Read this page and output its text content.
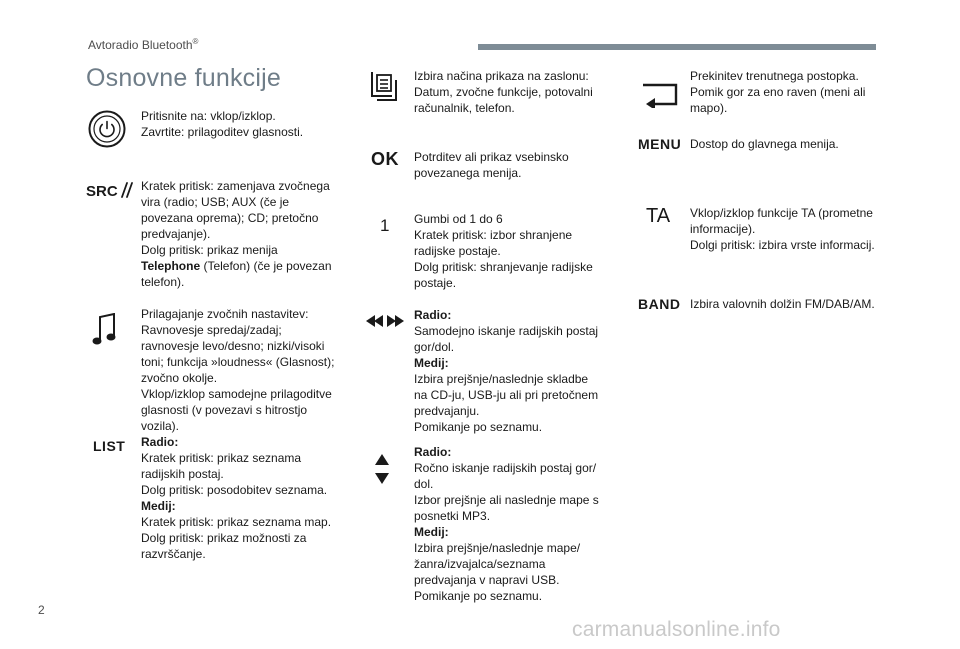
Avtoradio Bluetooth®
Osnovne funkcije
Pritisnite na: vklop/izklop.
Zavrtite: prilagoditev glasnosti.
SRC Kratek pritisk: zamenjava zvočnega
vira (radio; USB; AUX (če je
povezana oprema); CD; pretočno
predvajanje).
Dolg pritisk: prikaz menija
Telephone (Telefon) (če je povezan
telefon).
Prilagajanje zvočnih nastavitev:
Ravnovesje spredaj/zadaj;
ravnovesje levo/desno; nizki/visoki
toni; funkcija »loudness« (Glasnost);
zvočno okolje.
Vklop/izklop samodejne prilagoditve
glasnosti (v povezavi s hitrostjo
vozila).
LIST Radio:
Kratek pritisk: prikaz seznama
radijskih postaj.
Dolg pritisk: posodobitev seznama.
Medij:
Kratek pritisk: prikaz seznama map.
Dolg pritisk: prikaz možnosti za
razvrščanje.
Izbira načina prikaza na zaslonu:
Datum, zvočne funkcije, potovalni
računalnik, telefon.
OK Potrditev ali prikaz vsebinsko
povezanega menija.
1 Gumbi od 1 do 6
Kratek pritisk: izbor shranjene
radijske postaje.
Dolg pritisk: shranjevanje radijske
postaje.
Radio:
Samodejno iskanje radijskih postaj
gor/dol.
Medij:
Izbira prejšnje/naslednje skladbe
na CD-ju, USB-ju ali pri pretočnem
predvajanju.
Pomikanje po seznamu.
Radio:
Ročno iskanje radijskih postaj gor/
dol.
Izbor prejšnje ali naslednje mape s
posnetki MP3.
Medij:
Izbira prejšnje/naslednje mape/
žanra/izvajalca/seznama
predvajanja v napravi USB.
Pomikanje po seznamu.
Prekinitev trenutnega postopka.
Pomik gor za eno raven (meni ali
mapo).
MENU Dostop do glavnega menija.
TA Vklop/izklop funkcije TA (prometne
informacije).
Dolgi pritisk: izbira vrste informacij.
BAND Izbira valovnih dolžin FM/DAB/AM.
2
carmanualsonline.info
